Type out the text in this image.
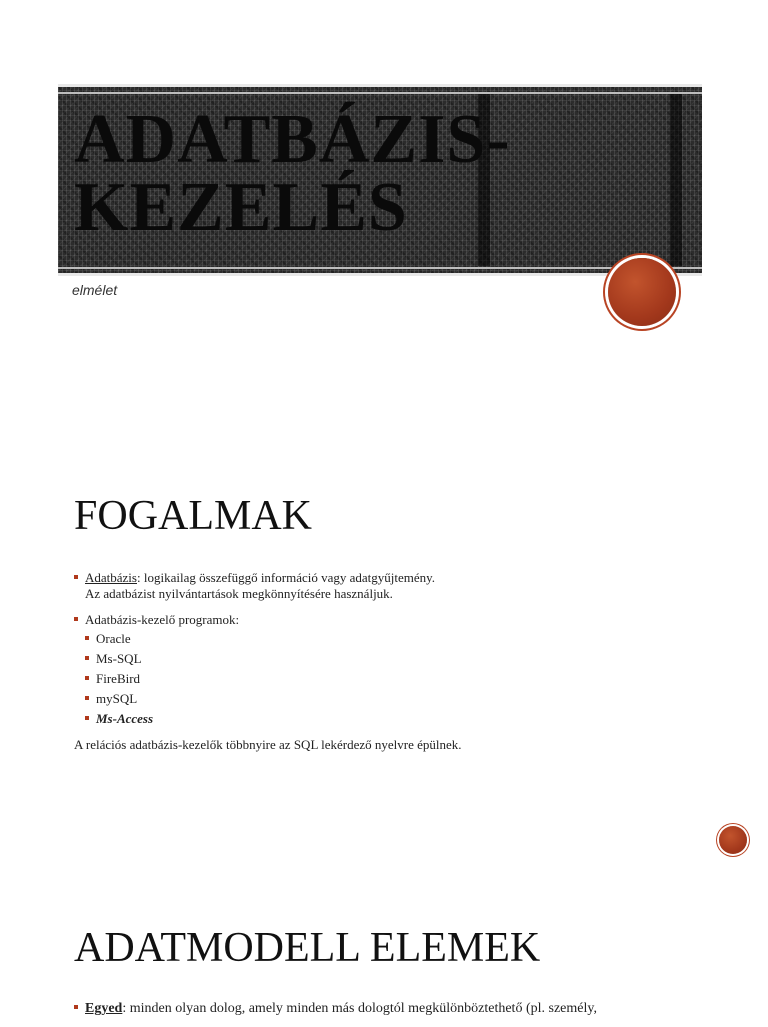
ADATBÁZIS-
KEZELÉS

elmélet

FOGALMAK
Adatbázis: logikailag összefüggő információ vagy adatgyűjtemény.
Az adatbázist nyilvántartások megkönnyítésére használjuk.
Adatbázis-kezelő programok:
Oracle
Ms-SQL
FireBird
mySQL
Ms-Access
A relációs adatbázis-kezelők többnyire az SQL lekérdező nyelvre épülnek.
ADATMODELL ELEMEK
Egyed: minden olyan dolog, amely minden más dologtól megkülönböztethető (pl. személy,
